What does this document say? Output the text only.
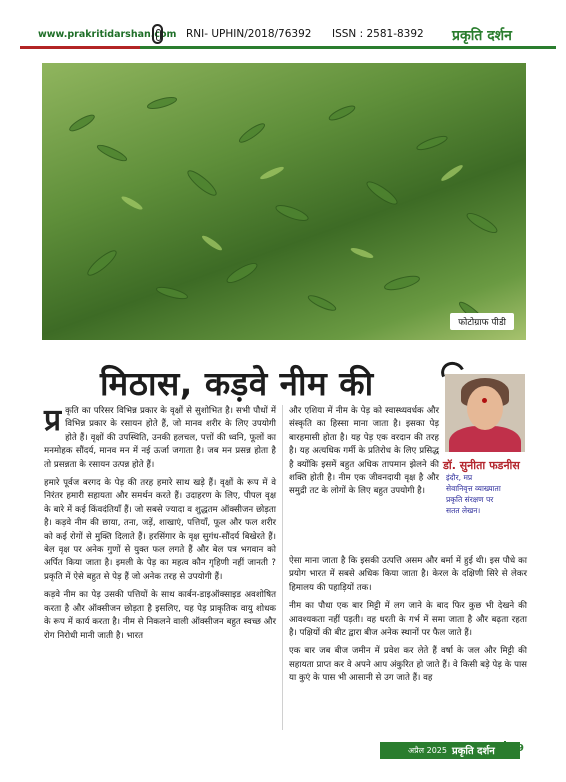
www.prakritidarshan.com RNI- UPHIN/2018/76392 ISSN : 2581-8392 प्रकृति दर्शन
फोटोग्राफ पीडी
मिठास, कड़वे नीम की
डॉ. सुनीता फडनीस
इंदौर, मप्र
सेवानिवृत्त व्याख्याता
प्रकृति संरक्षण पर
सतत लेखन।

प्र कृति का परिसर विभिन्न प्रकार के वृक्षों से सुशोभित है। सभी पौधों में विभिन्न प्रकार के रसायन होते हैं, जो मानव शरीर के लिए उपयोगी होते हैं। वृक्षों की उपस्थिति, उनकी हलचल, पत्तों की ध्वनि, फूलों का मनमोहक सौंदर्य, मानव मन में नई ऊर्जा जगाता है। जब मन प्रसन्न होता है तो प्रसन्नता के रसायन उत्पन्न होते हैं।

हमारे पूर्वज बरगद के पेड़ की तरह हमारे साथ खड़े हैं। वृक्षों के रूप में वे निरंतर हमारी सहायता और समर्थन करते हैं। उदाहरण के लिए, पीपल वृक्ष के बारे में कई किंवदंतियाँ हैं। जो सबसे ज्यादा व शुद्धतम ऑक्सीजन छोड़ता है। कड़वे नीम की छाया, तना, जड़ें, शाखाएं, पत्तियाँ, फूल और फल शरीर को कई रोगों से मुक्ति दिलाते हैं। हरसिंगार के वृक्ष सुगंध-सौंदर्य बिखेरते हैं। बेल वृक्ष पर अनेक गुणों से युक्त फल लगते हैं और बेल पत्र भगवान को अर्पित किया जाता है। इमली के पेड़ का महत्व कौन गृहिणी नहीं जानती ? प्रकृति में ऐसे बहुत से पेड़ हैं जो अनेक तरह से उपयोगी हैं।

कड़वे नीम का पेड़ उसकी पत्तियों के साथ कार्बन-डाइऑक्साइड अवशोषित करता है और ऑक्सीजन छोड़ता है इसलिए, यह पेड़ प्राकृतिक वायु शोधक के रूप में कार्य करता है। नीम से निकलने वाली ऑक्सीजन बहुत स्वच्छ और रोग निरोधी मानी जाती है। भारत

और एशिया में नीम के पेड़ को स्वास्थ्यवर्धक और संस्कृति का हिस्सा माना जाता है। इसका पेड़ बारहमासी होता है। यह पेड़ एक वरदान की तरह है। यह अत्यधिक गर्मी के प्रतिरोध के लिए प्रसिद्ध है क्योंकि इसमें बहुत अधिक तापमान झेलने की शक्ति होती है। नीम एक जीवनदायी वृक्ष है और समुद्री तट के लोगों के लिए बहुत उपयोगी है।

ऐसा माना जाता है कि इसकी उत्पत्ति असम और बर्मा में हुई थी। इस पौधे का प्रयोग भारत में सबसे अधिक किया जाता है। केरल के दक्षिणी सिरे से लेकर हिमालय की पहाड़ियों तक।

नीम का पौधा एक बार मिट्टी में लग जाने के बाद फिर कुछ भी देखने की आवश्यकता नहीं पड़ती। वह धरती के गर्भ में समा जाता है और बढ़ता रहता है। पक्षियों की बीट द्वारा बीज अनेक स्थानों पर फैल जाते हैं।

एक बार जब बीज जमीन में प्रवेश कर लेते हैं वर्षा के जल और मिट्टी की सहायता प्राप्त कर वे अपने आप अंकुरित हो जाते हैं। वे किसी बड़े पेड़ के पास या कुएं के पास भी आसानी से उग जाते हैं। वह

अप्रैल 2025 प्रकृति दर्शन 09
